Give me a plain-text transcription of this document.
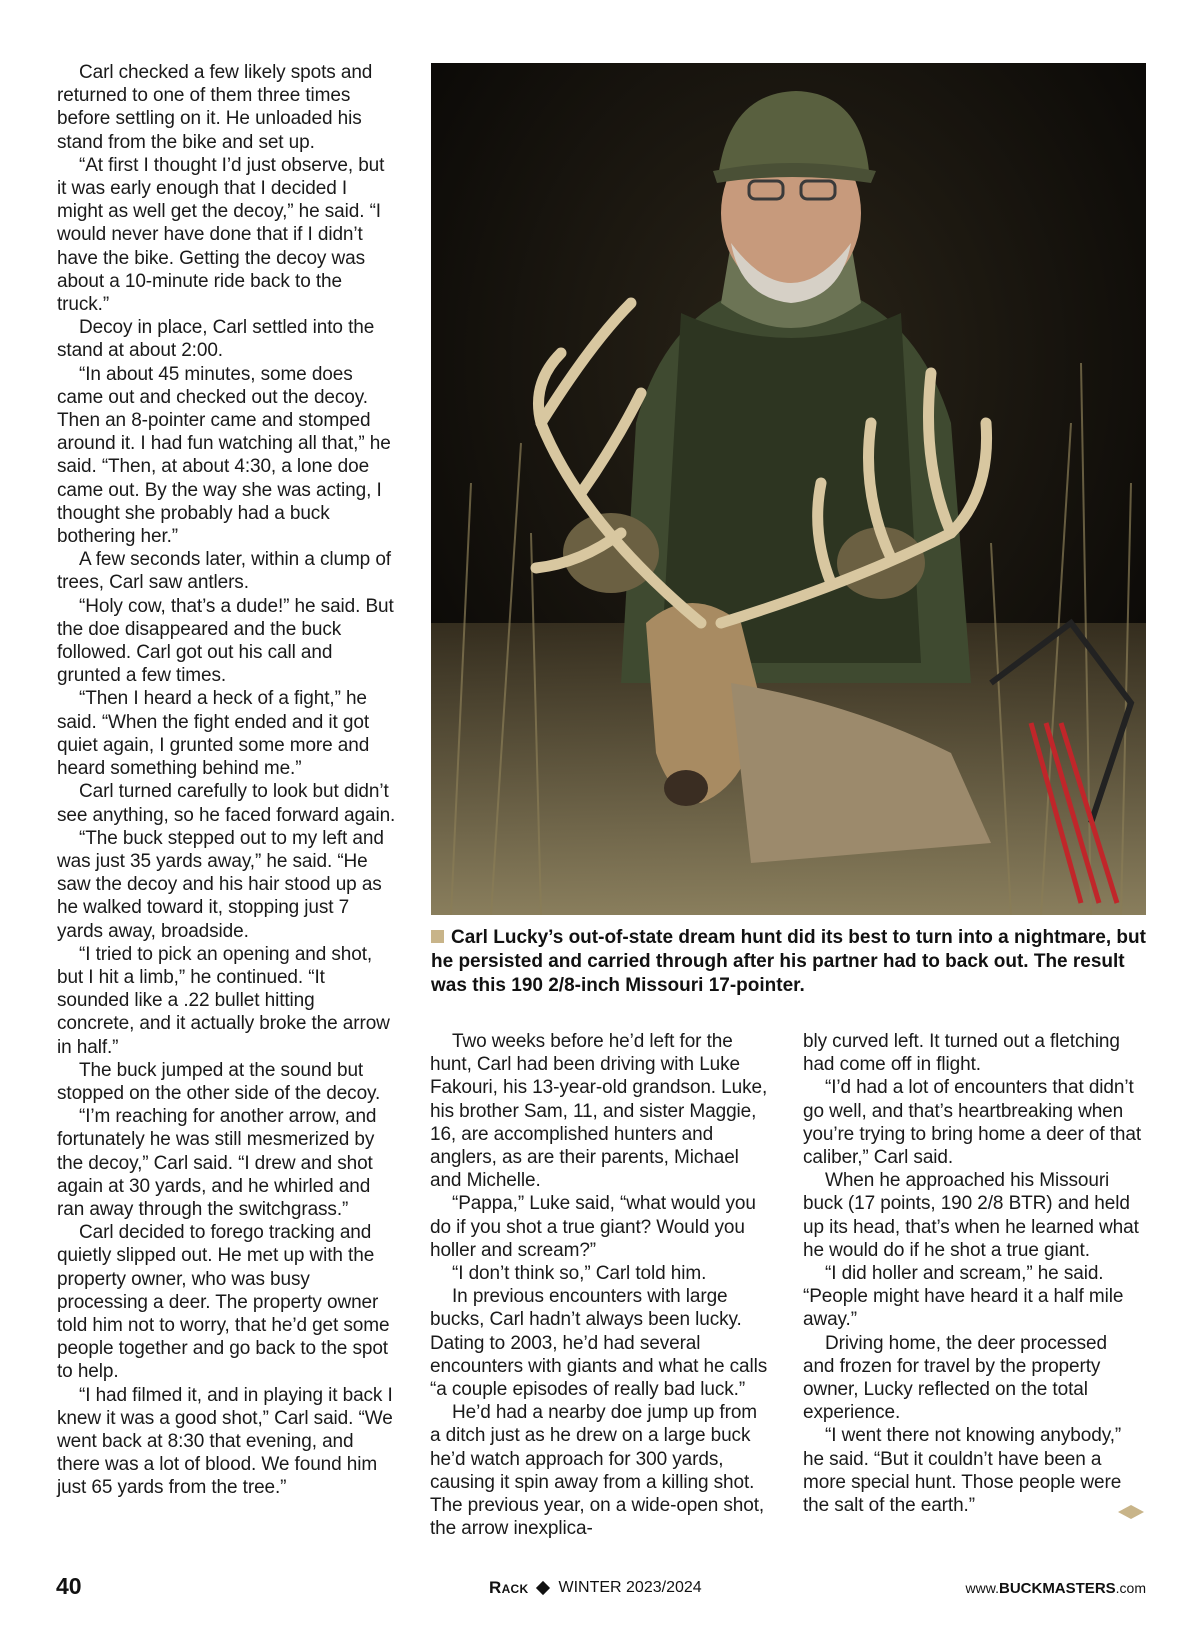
Carl checked a few likely spots and returned to one of them three times before settling on it. He unloaded his stand from the bike and set up.

“At first I thought I’d just observe, but it was early enough that I decided I might as well get the decoy,” he said. “I would never have done that if I didn’t have the bike. Getting the decoy was about a 10-minute ride back to the truck.”

Decoy in place, Carl settled into the stand at about 2:00.

“In about 45 minutes, some does came out and checked out the decoy. Then an 8-pointer came and stomped around it. I had fun watching all that,” he said. “Then, at about 4:30, a lone doe came out. By the way she was acting, I thought she probably had a buck bothering her.”

A few seconds later, within a clump of trees, Carl saw antlers.

“Holy cow, that’s a dude!” he said. But the doe disappeared and the buck followed. Carl got out his call and grunted a few times.

“Then I heard a heck of a fight,” he said. “When the fight ended and it got quiet again, I grunted some more and heard something behind me.”

Carl turned carefully to look but didn’t see anything, so he faced forward again.

“The buck stepped out to my left and was just 35 yards away,” he said. “He saw the decoy and his hair stood up as he walked toward it, stopping just 7 yards away, broadside.

“I tried to pick an opening and shot, but I hit a limb,” he continued. “It sounded like a .22 bullet hitting concrete, and it actually broke the arrow in half.”

The buck jumped at the sound but stopped on the other side of the decoy.

“I’m reaching for another arrow, and fortunately he was still mesmerized by the decoy,” Carl said. “I drew and shot again at 30 yards, and he whirled and ran away through the switchgrass.”

Carl decided to forego tracking and quietly slipped out. He met up with the property owner, who was busy processing a deer. The property owner told him not to worry, that he’d get some people together and go back to the spot to help.

“I had filmed it, and in playing it back I knew it was a good shot,” Carl said. “We went back at 8:30 that evening, and there was a lot of blood. We found him just 65 yards from the tree.”

Carl Lucky’s out-of-state dream hunt did its best to turn into a nightmare, but he persisted and carried through after his partner had to back out. The result was this 190 2/8-inch Missouri 17-pointer.

Two weeks before he’d left for the hunt, Carl had been driving with Luke Fakouri, his 13-year-old grandson. Luke, his brother Sam, 11, and sister Maggie, 16, are accomplished hunters and anglers, as are their parents, Michael and Michelle.

“Pappa,” Luke said, “what would you do if you shot a true giant? Would you holler and scream?”

“I don’t think so,” Carl told him.

In previous encounters with large bucks, Carl hadn’t always been lucky. Dating to 2003, he’d had several encounters with giants and what he calls “a couple episodes of really bad luck.”

He’d had a nearby doe jump up from a ditch just as he drew on a large buck he’d watch approach for 300 yards, causing it spin away from a killing shot. The previous year, on a wide-open shot, the arrow inexplica-

bly curved left. It turned out a fletching had come off in flight.

“I’d had a lot of encounters that didn’t go well, and that’s heartbreaking when you’re trying to bring home a deer of that caliber,” Carl said.

When he approached his Missouri buck (17 points, 190 2/8 BTR) and held up its head, that’s when he learned what he would do if he shot a true giant.

“I did holler and scream,” he said. “People might have heard it a half mile away.”

Driving home, the deer processed and frozen for travel by the property owner, Lucky reflected on the total experience.

“I went there not knowing anybody,” he said. “But it couldn’t have been a more special hunt. Those people were the salt of the earth.”

40	Rack WINTER 2023/2024	www.BUCKMASTERS.com
